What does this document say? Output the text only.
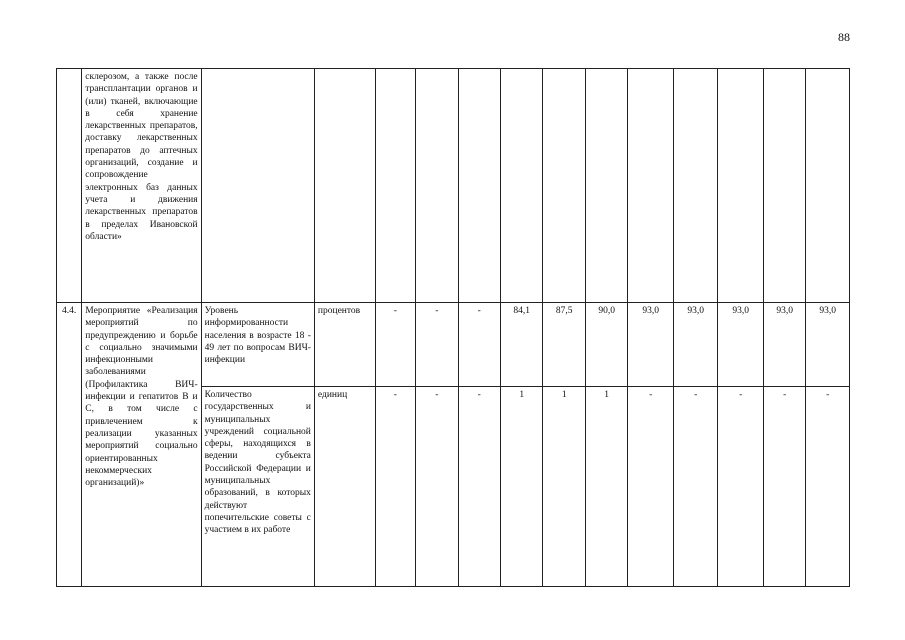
88
	склерозом, а также после трансплантации органов и (или) тканей, включающие в себя хранение лекарственных препаратов, доставку лекарственных препаратов до аптечных организаций, создание и сопровождение электронных баз данных учета и движения лекарственных препаратов в пределах Ивановской области»													
4.4.	Мероприятие «Реализация мероприятий по предупреждению и борьбе с социально значимыми инфекционными заболеваниями (Профилактика ВИЧ-инфекции и гепатитов В и С, в том числе с привлечением к реализации указанных мероприятий социально ориентированных некоммерческих организаций)»	Уровень информированности населения в возрасте 18 - 49 лет по вопросам ВИЧ-инфекции	процентов	-	-	-	84,1	87,5	90,0	93,0	93,0	93,0	93,0	93,0
		Количество государственных и муниципальных учреждений социальной сферы, находящихся в ведении субъекта Российской Федерации и муниципальных образований, в которых действуют попечительские советы с участием в их работе	единиц	-	-	-	1	1	1	-	-	-	-	-
